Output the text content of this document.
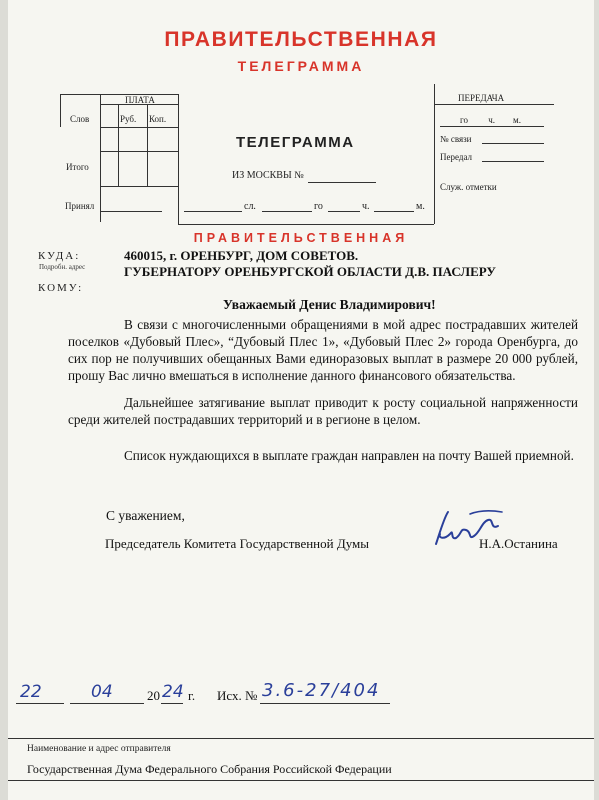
ПРАВИТЕЛЬСТВЕННАЯ
ТЕЛЕГРАММА
ПЛАТА
Слов	Руб. Коп.
Итого
Принял
ТЕЛЕГРАММА
ИЗ МОСКВЫ №
сл.	го	ч.	м.
ПЕРЕДАЧА
го         ч.        м.
№ связи
Передал
Служ. отметки
ПРАВИТЕЛЬСТВЕННАЯ
КУДА:
Подробн. адрес
460015, г. ОРЕНБУРГ, ДОМ СОВЕТОВ.
ГУБЕРНАТОРУ ОРЕНБУРГСКОЙ ОБЛАСТИ Д.В. ПАСЛЕРУ
КОМУ:
Уважаемый Денис Владимирович!
В связи с многочисленными обращениями в мой адрес пострадавших жителей поселков «Дубовый Плес», “Дубовый Плес 1», «Дубовый Плес 2» города Оренбурга, до сих пор не получивших обещанных Вами единоразовых выплат в размере 20 000 рублей, прошу Вас лично вмешаться в исполнение данного финансового обязательства.
Дальнейшее затягивание выплат приводит к росту социальной напряженности среди жителей пострадавших территорий и в регионе в целом.
Список нуждающихся в выплате граждан направлен на почту Вашей приемной.
С уважением,
Председатель Комитета Государственной Думы	Н.А.Останина
22	04	20 24 г. Исх. № 3.6-27/404
Наименование и адрес отправителя
Государственная Дума Федерального Собрания Российской Федерации
